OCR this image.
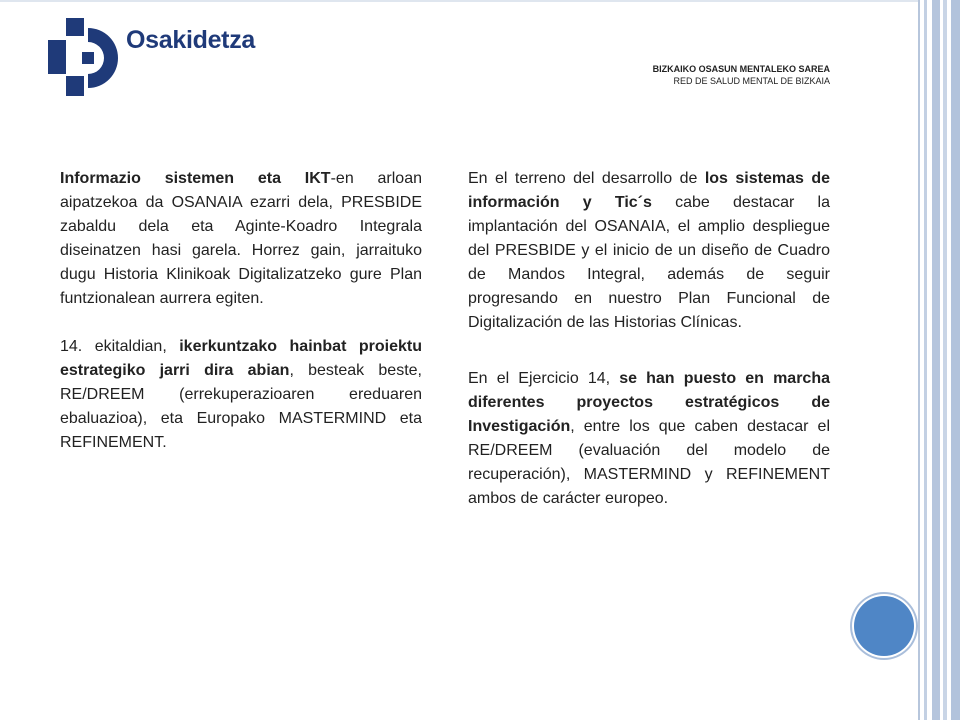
Osakidetza
BIZKAIKO OSASUN MENTALEKO SAREA
RED DE SALUD MENTAL DE BIZKAIA

Informazio sistemen eta IKT-en arloan aipatzekoa da OSANAIA ezarri dela, PRESBIDE zabaldu dela eta Aginte-Koadro Integrala diseinatzen hasi garela. Horrez gain, jarraituko dugu Historia Klinikoak Digitalizatzeko gure Plan funtzionalean aurrera egiten.

14. ekitaldian, ikerkuntzako hainbat proiektu estrategiko jarri dira abian, besteak beste, RE/DREEM (errekuperazioaren ereduaren ebaluazioa), eta Europako MASTERMIND eta REFINEMENT.

En el terreno del desarrollo de los sistemas de información y Tic´s cabe destacar la implantación del OSANAIA, el amplio despliegue del PRESBIDE y el inicio de un diseño de Cuadro de Mandos Integral, además de seguir progresando en nuestro Plan Funcional de Digitalización de las Historias Clínicas.

En el Ejercicio 14, se han puesto en marcha diferentes proyectos estratégicos de Investigación, entre los que caben destacar el RE/DREEM (evaluación del modelo de recuperación), MASTERMIND y REFINEMENT ambos de carácter europeo.
